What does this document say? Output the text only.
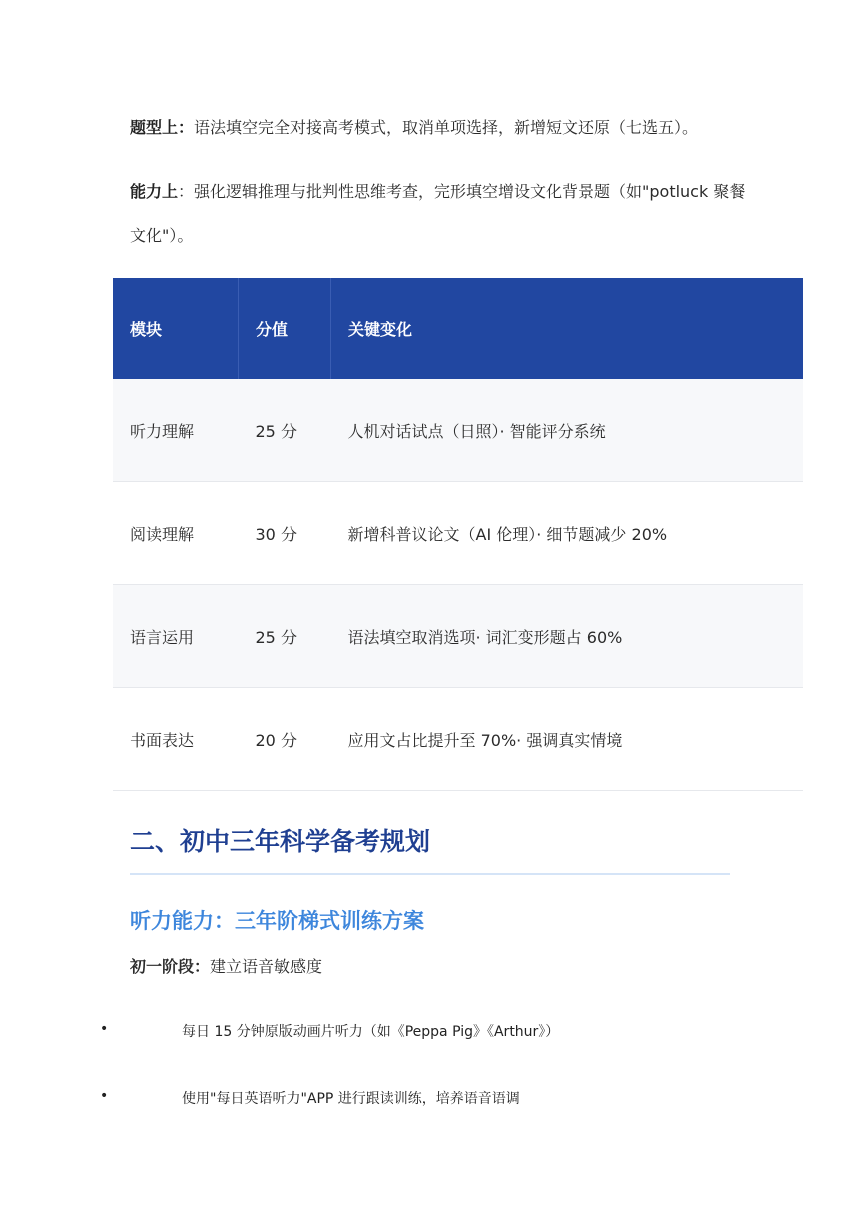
题型上：语法填空完全对接高考模式，取消单项选择，新增短文还原（七选五）。
能力上：强化逻辑推理与批判性思维考查，完形填空增设文化背景题（如"potluck 聚餐文化"）。
模块	分值	关键变化
听力理解	25 分	人机对话试点（日照）· 智能评分系统
阅读理解	30 分	新增科普议论文（AI 伦理）· 细节题减少 20%
语言运用	25 分	语法填空取消选项· 词汇变形题占 60%
书面表达	20 分	应用文占比提升至 70%· 强调真实情境
二、初中三年科学备考规划
听力能力：三年阶梯式训练方案
初一阶段：建立语音敏感度
•	每日 15 分钟原版动画片听力（如《Peppa Pig》《Arthur》）
•	使用"每日英语听力"APP 进行跟读训练，培养语音语调
